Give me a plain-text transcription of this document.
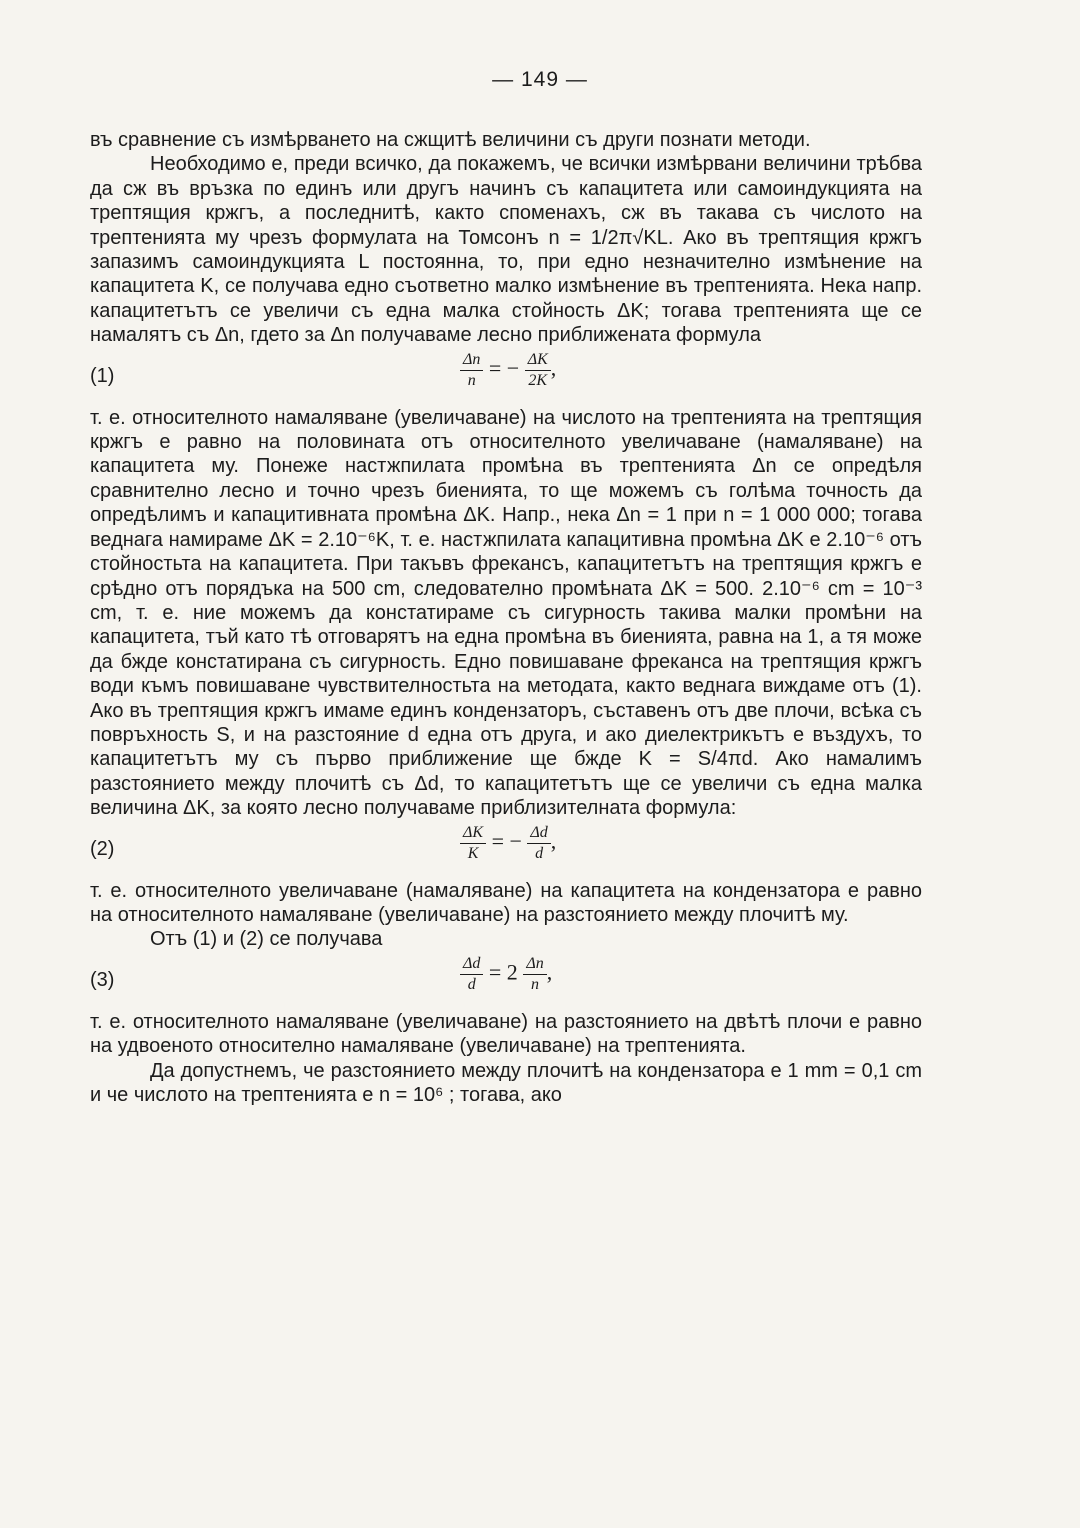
— 149 —

въ сравнение съ измѣрването на сжщитѣ величини съ други познати методи.

Необходимо е, преди всичко, да покажемъ, че всички измѣрвани величини трѣбва да сж въ връзка по единъ или другъ начинъ съ капацитета или самоиндукцията на трептящия кржгъ, а последнитѣ, както споменахъ, сж въ такава съ числото на трептенията му чрезъ формулата на Томсонъ n = 1/2π√KL. Ако въ трептящия кржгъ запазимъ самоиндукцията L постоянна, то, при едно незначително измѣнение на капацитета K, се получава едно съответно малко измѣнение въ трептенията. Нека напр. капацитетътъ се увеличи съ една малка стойность ΔK; тогава трептенията ще се намалятъ съ Δn, гдето за Δn получаваме лесно приближената формула

(1)	$\frac{\Delta n}{n}$ = − $\frac{\Delta K}{2K}$ ,

т. е. относителното намаляване (увеличаване) на числото на трептенията на трептящия кржгъ е равно на половината отъ относителното увеличаване (намаляване) на капацитета му. Понеже настжпилата промѣна въ трептенията Δn се опредѣля сравнително лесно и точно чрезъ биенията, то ще можемъ съ голѣма точность да опредѣлимъ и капацитивната промѣна ΔK. Напр., нека Δn = 1 при n = 1 000 000; тогава веднага намираме ΔK = 2.10⁻⁶K, т. е. настжпилата капацитивна промѣна ΔK е 2.10⁻⁶ отъ стойностьта на капацитета. При такъвъ фрекансъ, капацитетътъ на трептящия кржгъ е срѣдно отъ порядъка на 500 cm, следователно промѣната ΔK = 500. 2.10⁻⁶ cm = 10⁻³ cm, т. е. ние можемъ да констатираме съ сигурность такива малки промѣни на капацитета, тъй като тѣ отговарятъ на една промѣна въ биенията, равна на 1, а тя може да бжде констатирана съ сигурность. Едно повишаване фреканса на трептящия кржгъ води къмъ повишаване чувствителностьта на методата, както веднага виждаме отъ (1). Ако въ трептящия кржгъ имаме единъ кондензаторъ, съставенъ отъ две плочи, всѣка съ повръхность S, и на разстояние d една отъ друга, и ако диелектрикътъ е въздухъ, то капацитетътъ му съ първо приближение ще бжде K = S/4πd. Ако намалимъ разстоянието между плочитѣ съ Δd, то капацитетътъ ще се увеличи съ една малка величина ΔK, за която лесно получаваме приблизителната формула:

(2)	$\frac{\Delta K}{K}$ = − $\frac{\Delta d}{d}$ ,

т. е. относителното увеличаване (намаляване) на капацитета на кондензатора е равно на относителното намаляване (увеличаване) на разстоянието между плочитѣ му.

Отъ (1) и (2) се получава

(3)	$\frac{\Delta d}{d} = 2 \frac{\Delta n}{n}$ ,

т. е. относителното намаляване (увеличаване) на разстоянието на двѣтѣ плочи е равно на удвоеното относително намаляване (увеличаване) на трептенията.

Да допустнемъ, че разстоянието между плочитѣ на кондензатора е 1 mm = 0,1 cm и че числото на трептенията е n = 10⁶ ; тогава, ако
